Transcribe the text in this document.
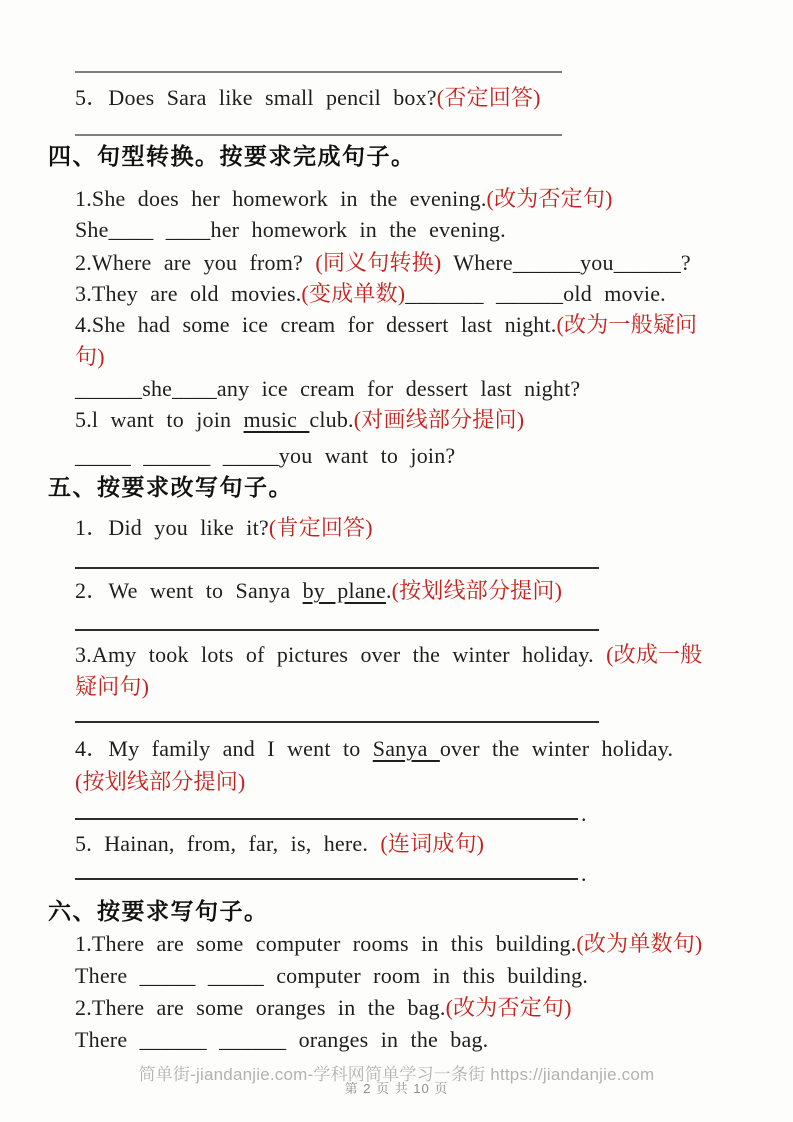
5．Does Sara like small pencil box?(否定回答)
四、句型转换。按要求完成句子。
1.She does her homework in the evening.(改为否定句)
She____ ____her homework in the evening.
2.Where are you from? (同义句转换) Where______you______?
3.They are old movies.(变成单数)_______ ______old movie.
4.She had some ice cream for dessert last night.(改为一般疑问
句)
______she____any ice cream for dessert last night?
5.l want to join music club.(对画线部分提问)
_____ ______ _____you want to join?
五、按要求改写句子。
1．Did you like it?(肯定回答)
2．We went to Sanya by plane.(按划线部分提问)
3.Amy took lots of pictures over the winter holiday. (改成一般
疑问句)
4．My family and I went to Sanya over the winter holiday.
(按划线部分提问)
.
5. Hainan, from, far, is, here. (连词成句)
.
六、按要求写句子。
1.There are some computer rooms in this building.(改为单数句)
There _____ _____ computer room in this building.
2.There are some oranges in the bag.(改为否定句)
There ______ ______ oranges in the bag.
简单街-jiandanjie.com-学科网简单学习一条街 https://jiandanjie.com
第 2 页 共 10 页
